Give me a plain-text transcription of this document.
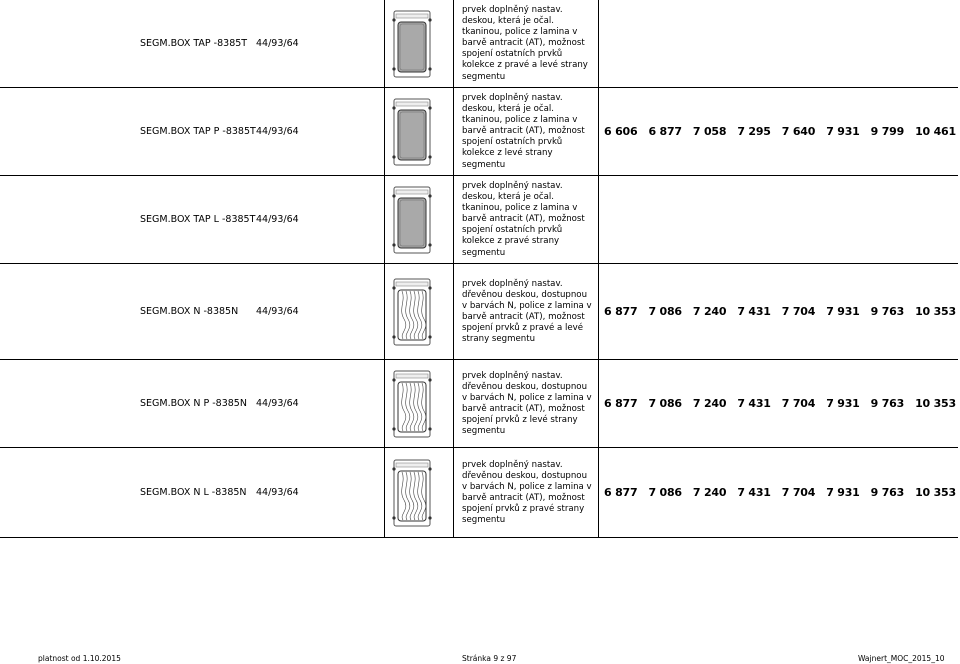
SEGM.BOX TAP -8385T 44/93/64
prvek doplněný nastav. deskou, která je očal. tkaninou, police z lamina v barvě antracit (AT), možnost spojení ostatních prvků kolekce z pravé a levé strany segmentu
SEGM.BOX TAP P -8385T 44/93/64
prvek doplněný nastav. deskou, která je očal. tkaninou, police z lamina v barvě antracit (AT), možnost spojení ostatních prvků kolekce z levé strany segmentu
6 606 6 877 7 058 7 295 7 640 7 931 9 799 10 461
SEGM.BOX TAP L -8385T 44/93/64
prvek doplněný nastav. deskou, která je očal. tkaninou, police z lamina v barvě antracit (AT), možnost spojení ostatních prvků kolekce z pravé strany segmentu
SEGM.BOX N -8385N 44/93/64
prvek doplněný nastav. dřevěnou deskou, dostupnou v barvách N, police z lamina v barvě antracit (AT), možnost spojení prvků z pravé a levé strany segmentu
6 877 7 086 7 240 7 431 7 704 7 931 9 763 10 353
SEGM.BOX N P -8385N 44/93/64
prvek doplněný nastav. dřevěnou deskou, dostupnou v barvách N, police z lamina v barvě antracit (AT), možnost spojení prvků z levé strany segmentu
6 877 7 086 7 240 7 431 7 704 7 931 9 763 10 353
SEGM.BOX N L -8385N 44/93/64
prvek doplněný nastav. dřevěnou deskou, dostupnou v barvách N, police z lamina v barvě antracit (AT), možnost spojení prvků z pravé strany segmentu
6 877 7 086 7 240 7 431 7 704 7 931 9 763 10 353
platnost od 1.10.2015	Stránka 9 z 97	Wajnert_MOC_2015_10
